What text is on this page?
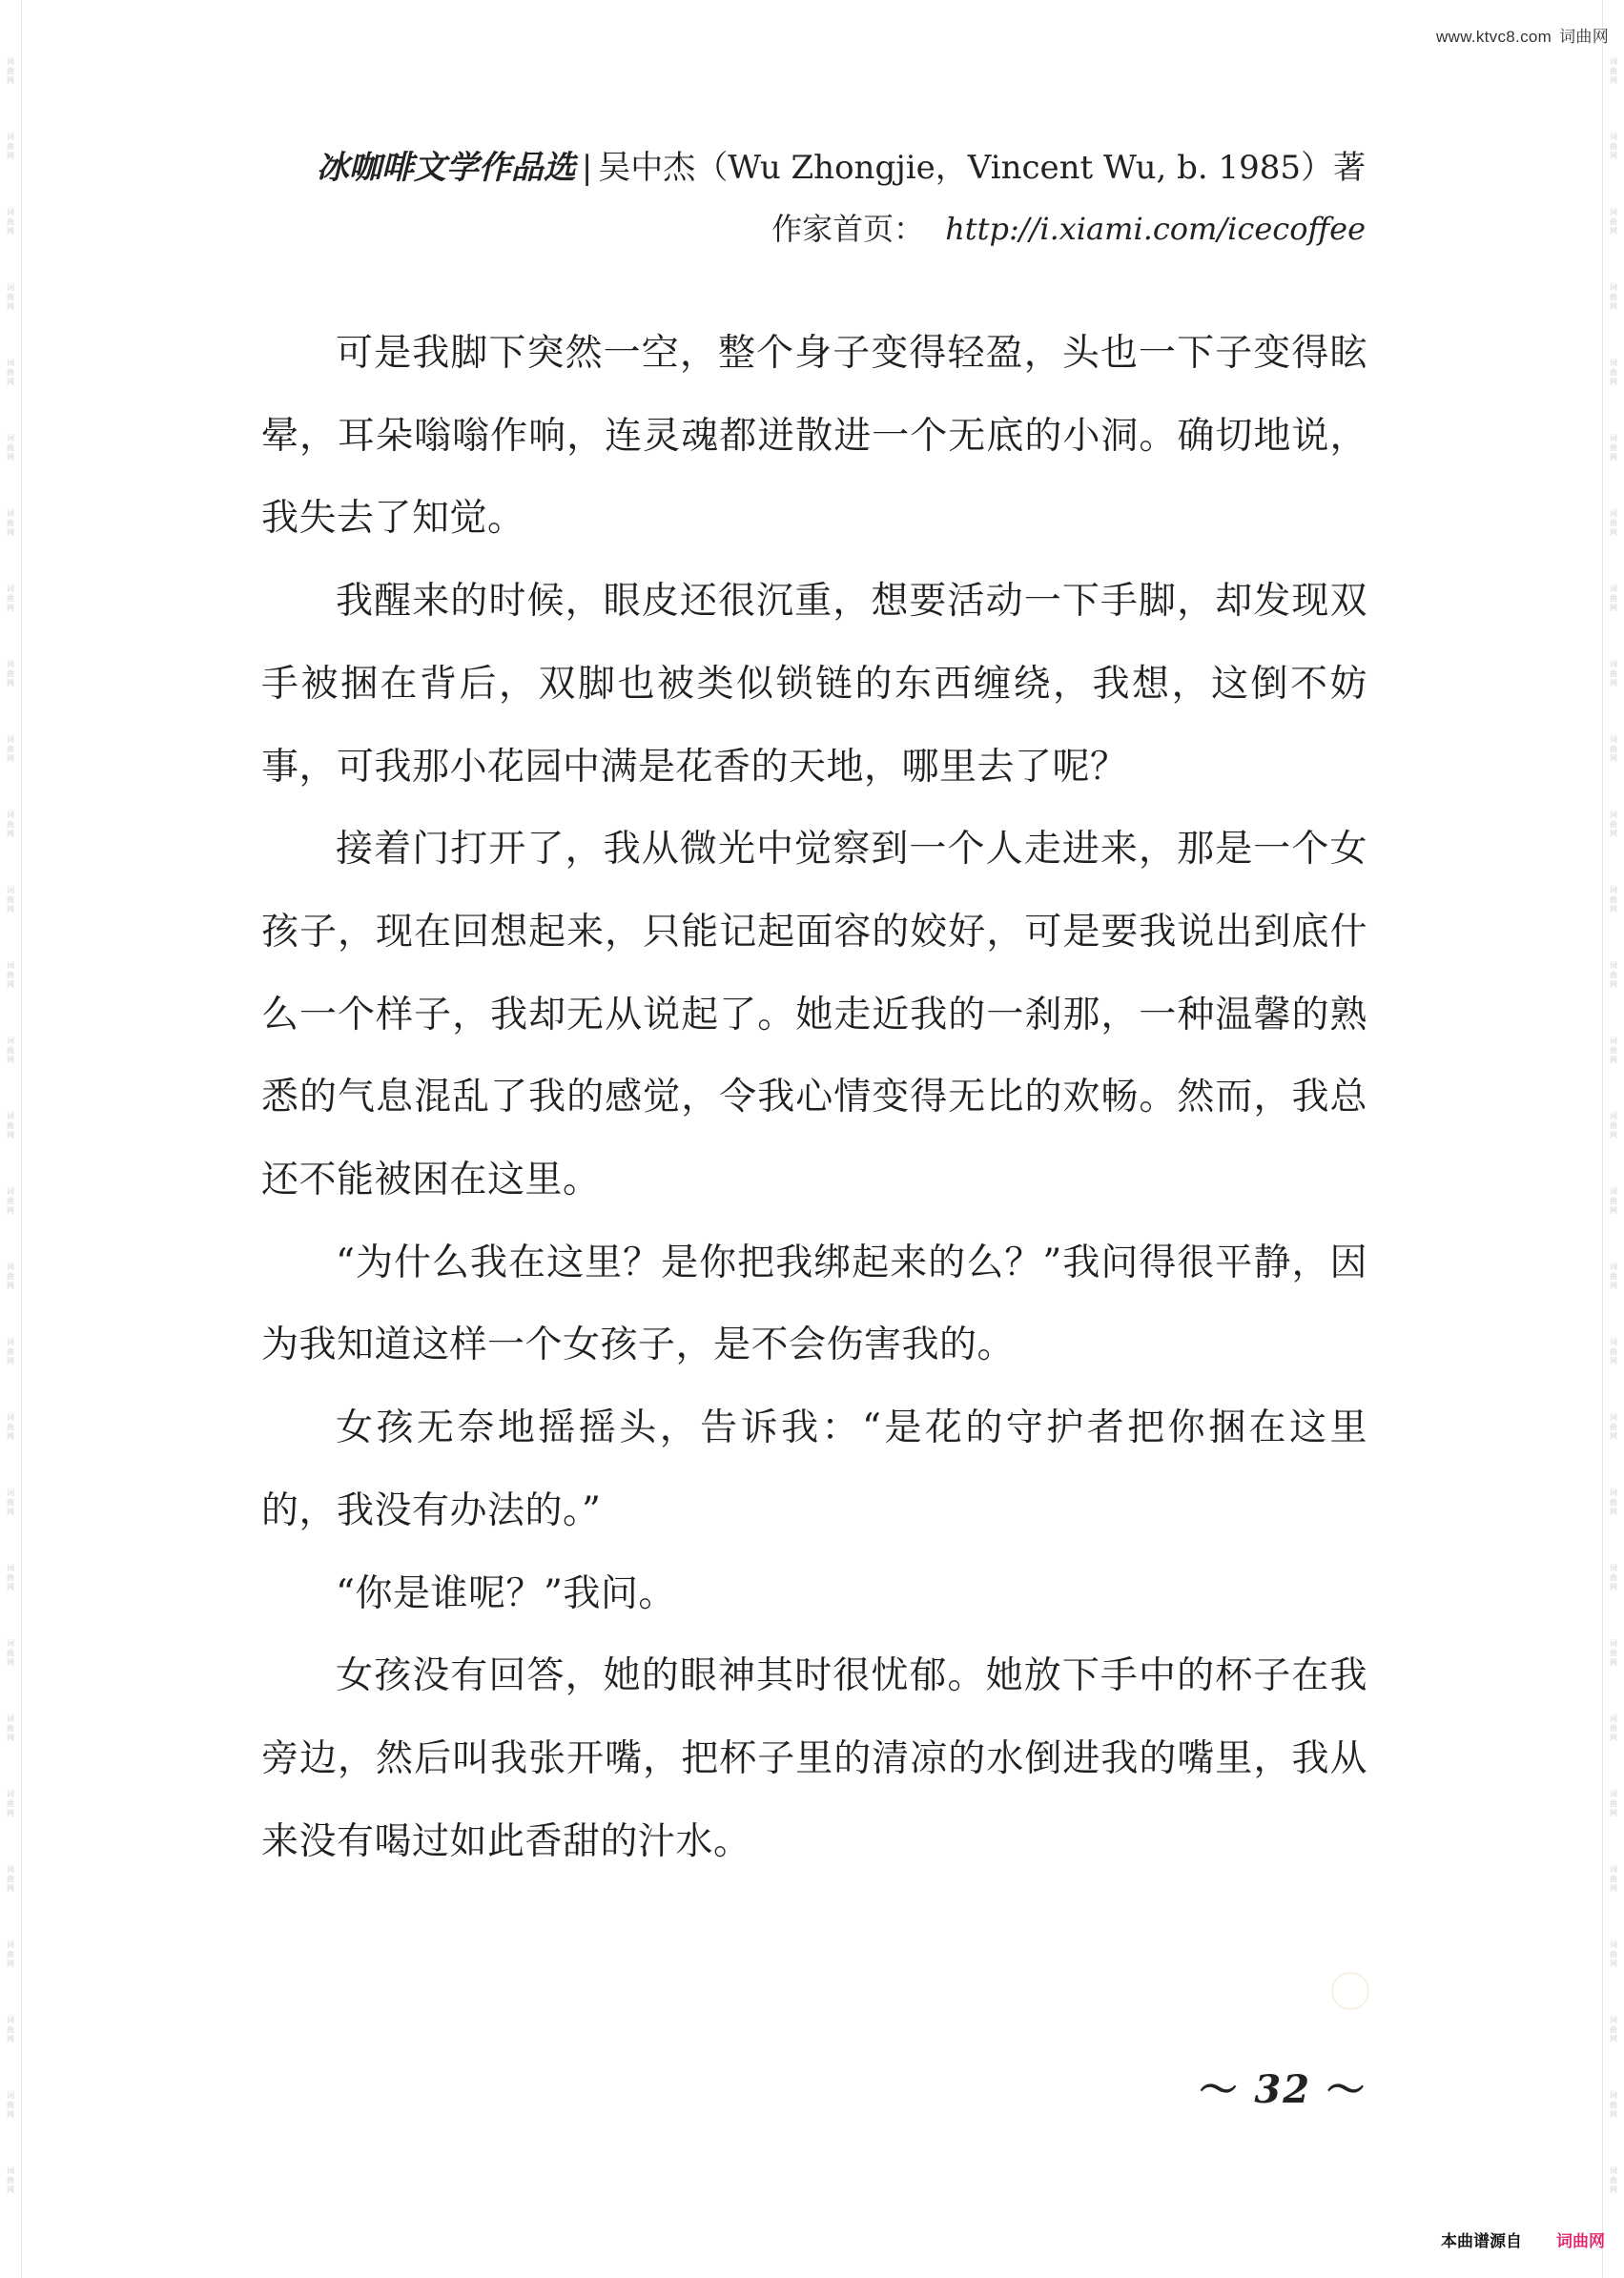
词
曲
网
词
曲
网
词
曲
网
词
曲
网
词
曲
网
词
曲
网
词
曲
网
词
曲
网
词
曲
网
词
曲
网
词
曲
网
词
曲
网
词
曲
网
词
曲
网
词
曲
网
词
曲
网
词
曲
网
词
曲
网
词
曲
网
词
曲
网
词
曲
网
词
曲
网
词
曲
网
词
曲
网
词
曲
网
词
曲
网
词
曲
网
词
曲
网
词
曲
网
词
曲
网
词
曲
网
词
曲
网
词
曲
网
词
曲
网
词
曲
网
词
曲
网
词
曲
网
词
曲
网
词
曲
网
词
曲
网
词
曲
网
词
曲
网
词
曲
网
词
曲
网
词
曲
网
词
曲
网
词
曲
网
词
曲
网
词
曲
网
词
曲
网
词
曲
网
词
曲
网
词
曲
网
词
曲
网
词
曲
网
词
曲
网
词
曲
网
词
曲
网
www.ktvc8.com 词曲网
冰咖啡文学作品选 | 吴中杰（Wu Zhongjie，Vincent Wu, b. 1985）著
作家首页： http://i.xiami.com/icecoffee

可是我脚下突然一空，整个身子变得轻盈，头也一下子变得眩晕，耳朵嗡嗡作响，连灵魂都迸散进一个无底的小洞。确切地说，我失去了知觉。

我醒来的时候，眼皮还很沉重，想要活动一下手脚，却发现双手被捆在背后，双脚也被类似锁链的东西缠绕，我想，这倒不妨事，可我那小花园中满是花香的天地，哪里去了呢？

接着门打开了，我从微光中觉察到一个人走进来，那是一个女孩子，现在回想起来，只能记起面容的姣好，可是要我说出到底什么一个样子，我却无从说起了。她走近我的一刹那，一种温馨的熟悉的气息混乱了我的感觉，令我心情变得无比的欢畅。然而，我总还不能被困在这里。

“为什么我在这里？是你把我绑起来的么？”我问得很平静，因为我知道这样一个女孩子，是不会伤害我的。

女孩无奈地摇摇头，告诉我：“是花的守护者把你捆在这里的，我没有办法的。”

“你是谁呢？”我问。

女孩没有回答，她的眼神其时很忧郁。她放下手中的杯子在我旁边，然后叫我张开嘴，把杯子里的清凉的水倒进我的嘴里，我从来没有喝过如此香甜的汁水。

～ 32 ～
本曲谱源自 词曲网
